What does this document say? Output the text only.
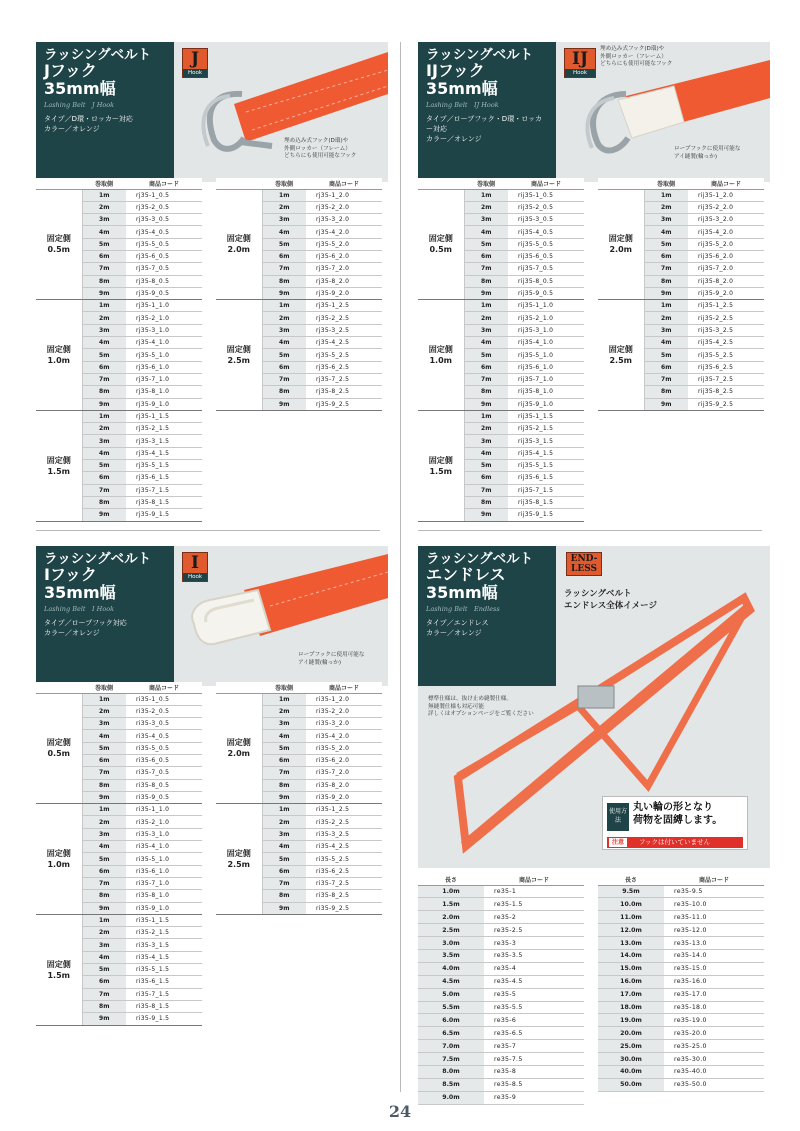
ラッシングベルト
Jフック
35mm幅
Lashing Belt　J Hook
タイプ／D環・ロッカー対応
カラー／オレンジ
J
Hook
埋め込み式フック(D環)や
外側ロッカー（フレーム）
どちらにも使用可能なフック
	巻取側	商品コード
固定側
0.5m	1m	rj35-1_0.5
	2m	rj35-2_0.5
	3m	rj35-3_0.5
	4m	rj35-4_0.5
	5m	rj35-5_0.5
	6m	rj35-6_0.5
	7m	rj35-7_0.5
	8m	rj35-8_0.5
	9m	rj35-9_0.5
固定側
1.0m	1m	rj35-1_1.0
	2m	rj35-2_1.0
	3m	rj35-3_1.0
	4m	rj35-4_1.0
	5m	rj35-5_1.0
	6m	rj35-6_1.0
	7m	rj35-7_1.0
	8m	rj35-8_1.0
	9m	rj35-9_1.0
固定側
1.5m	1m	rj35-1_1.5
	2m	rj35-2_1.5
	3m	rj35-3_1.5
	4m	rj35-4_1.5
	5m	rj35-5_1.5
	6m	rj35-6_1.5
	7m	rj35-7_1.5
	8m	rj35-8_1.5
	9m	rj35-9_1.5
	巻取側	商品コード
固定側
2.0m	1m	rj35-1_2.0
	2m	rj35-2_2.0
	3m	rj35-3_2.0
	4m	rj35-4_2.0
	5m	rj35-5_2.0
	6m	rj35-6_2.0
	7m	rj35-7_2.0
	8m	rj35-8_2.0
	9m	rj35-9_2.0
固定側
2.5m	1m	rj35-1_2.5
	2m	rj35-2_2.5
	3m	rj35-3_2.5
	4m	rj35-4_2.5
	5m	rj35-5_2.5
	6m	rj35-6_2.5
	7m	rj35-7_2.5
	8m	rj35-8_2.5
	9m	rj35-9_2.5
ラッシングベルト
IJフック
35mm幅
Lashing Belt　IJ Hook
タイプ／ロープフック・D環・ロッカー対応
カラー／オレンジ
IJ
Hook
埋め込み式フック(D環)や
外側ロッカー（フレーム）
どちらにも使用可能なフック
ロープフックに使用可能な
アイ縫製(輪っか)
	巻取側	商品コード
固定側
0.5m	1m	rij35-1_0.5
	2m	rij35-2_0.5
	3m	rij35-3_0.5
	4m	rij35-4_0.5
	5m	rij35-5_0.5
	6m	rij35-6_0.5
	7m	rij35-7_0.5
	8m	rij35-8_0.5
	9m	rij35-9_0.5
固定側
1.0m	1m	rij35-1_1.0
	2m	rij35-2_1.0
	3m	rij35-3_1.0
	4m	rij35-4_1.0
	5m	rij35-5_1.0
	6m	rij35-6_1.0
	7m	rij35-7_1.0
	8m	rij35-8_1.0
	9m	rij35-9_1.0
固定側
1.5m	1m	rij35-1_1.5
	2m	rij35-2_1.5
	3m	rij35-3_1.5
	4m	rij35-4_1.5
	5m	rij35-5_1.5
	6m	rij35-6_1.5
	7m	rij35-7_1.5
	8m	rij35-8_1.5
	9m	rij35-9_1.5
	巻取側	商品コード
固定側
2.0m	1m	rij35-1_2.0
	2m	rij35-2_2.0
	3m	rij35-3_2.0
	4m	rij35-4_2.0
	5m	rij35-5_2.0
	6m	rij35-6_2.0
	7m	rij35-7_2.0
	8m	rij35-8_2.0
	9m	rij35-9_2.0
固定側
2.5m	1m	rij35-1_2.5
	2m	rij35-2_2.5
	3m	rij35-3_2.5
	4m	rij35-4_2.5
	5m	rij35-5_2.5
	6m	rij35-6_2.5
	7m	rij35-7_2.5
	8m	rij35-8_2.5
	9m	rij35-9_2.5
ラッシングベルト
Iフック
35mm幅
Lashing Belt　I Hook
タイプ／ロープフック対応
カラー／オレンジ
I
Hook
ロープフックに使用可能な
アイ縫製(輪っか)
	巻取側	商品コード
固定側
0.5m	1m	ri35-1_0.5
	2m	ri35-2_0.5
	3m	ri35-3_0.5
	4m	ri35-4_0.5
	5m	ri35-5_0.5
	6m	ri35-6_0.5
	7m	ri35-7_0.5
	8m	ri35-8_0.5
	9m	ri35-9_0.5
固定側
1.0m	1m	ri35-1_1.0
	2m	ri35-2_1.0
	3m	ri35-3_1.0
	4m	ri35-4_1.0
	5m	ri35-5_1.0
	6m	ri35-6_1.0
	7m	ri35-7_1.0
	8m	ri35-8_1.0
	9m	ri35-9_1.0
固定側
1.5m	1m	ri35-1_1.5
	2m	ri35-2_1.5
	3m	ri35-3_1.5
	4m	ri35-4_1.5
	5m	ri35-5_1.5
	6m	ri35-6_1.5
	7m	ri35-7_1.5
	8m	ri35-8_1.5
	9m	ri35-9_1.5
	巻取側	商品コード
固定側
2.0m	1m	ri35-1_2.0
	2m	ri35-2_2.0
	3m	ri35-3_2.0
	4m	ri35-4_2.0
	5m	ri35-5_2.0
	6m	ri35-6_2.0
	7m	ri35-7_2.0
	8m	ri35-8_2.0
	9m	ri35-9_2.0
固定側
2.5m	1m	ri35-1_2.5
	2m	ri35-2_2.5
	3m	ri35-3_2.5
	4m	ri35-4_2.5
	5m	ri35-5_2.5
	6m	ri35-6_2.5
	7m	ri35-7_2.5
	8m	ri35-8_2.5
	9m	ri35-9_2.5
ラッシングベルト
エンドレス
35mm幅
Lashing Belt　Endless
タイプ／エンドレス
カラー／オレンジ
END-
LESS
ラッシングベルト
エンドレス全体イメージ
標準仕様は、抜け止め縫製仕様。
無縫製仕様も対応可能
詳しくはオプションページをご覧ください
使用方法
丸い輪の形となり
荷物を固縛します。
注意	フックは付いていません
長さ	商品コード
1.0m	re35-1
1.5m	re35-1.5
2.0m	re35-2
2.5m	re35-2.5
3.0m	re35-3
3.5m	re35-3.5
4.0m	re35-4
4.5m	re35-4.5
5.0m	re35-5
5.5m	re35-5.5
6.0m	re35-6
6.5m	re35-6.5
7.0m	re35-7
7.5m	re35-7.5
8.0m	re35-8
8.5m	re35-8.5
9.0m	re35-9
長さ	商品コード
9.5m	re35-9.5
10.0m	re35-10.0
11.0m	re35-11.0
12.0m	re35-12.0
13.0m	re35-13.0
14.0m	re35-14.0
15.0m	re35-15.0
16.0m	re35-16.0
17.0m	re35-17.0
18.0m	re35-18.0
19.0m	re35-19.0
20.0m	re35-20.0
25.0m	re35-25.0
30.0m	re35-30.0
40.0m	re35-40.0
50.0m	re35-50.0
24
